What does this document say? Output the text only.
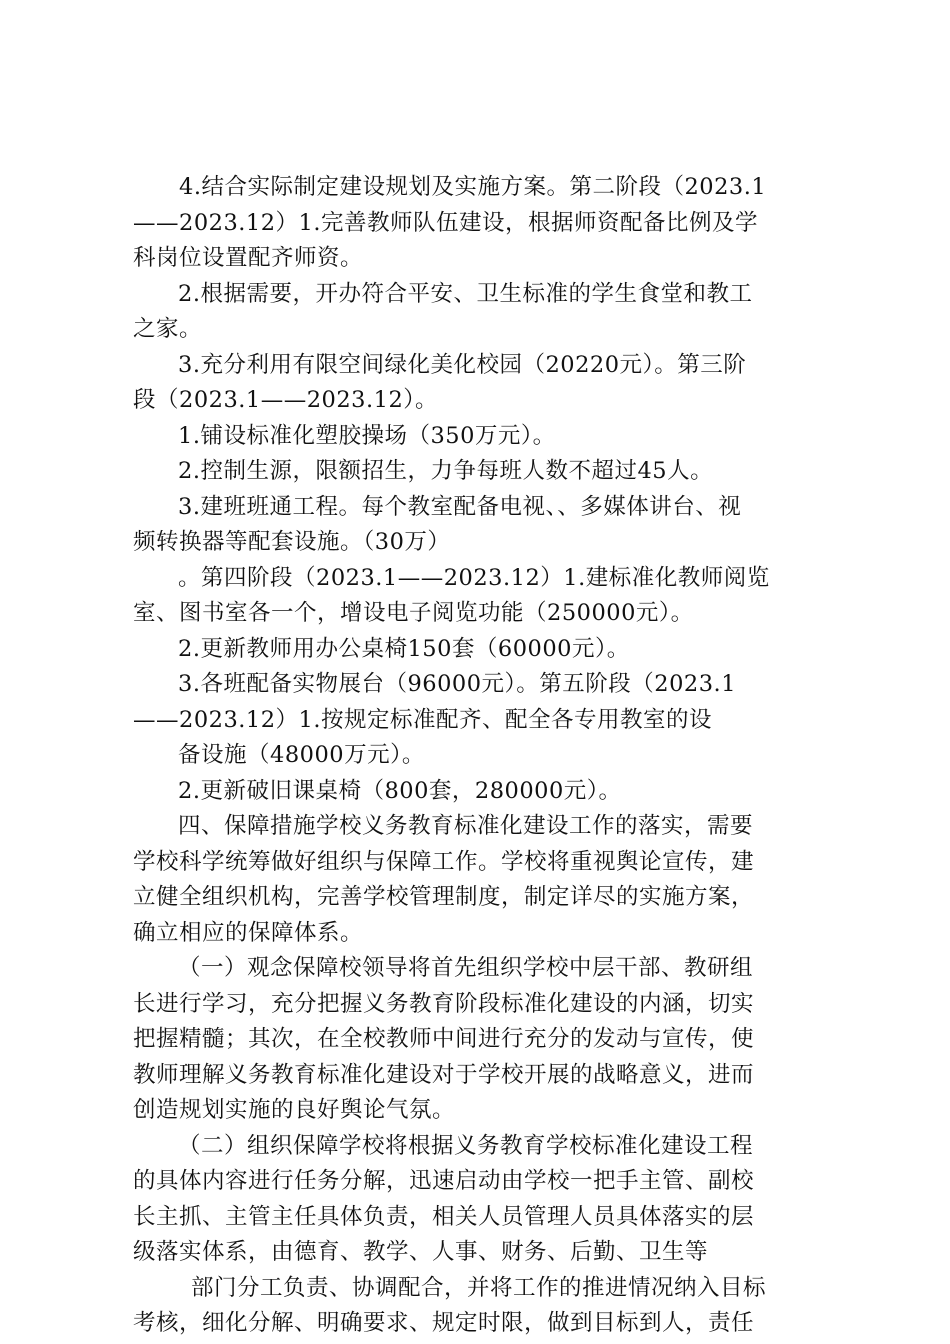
4.结合实际制定建设规划及实施方案。第二阶段（2023.1
——2023.12）1.完善教师队伍建设，根据师资配备比例及学
科岗位设置配齐师资。
2.根据需要，开办符合平安、卫生标准的学生食堂和教工
之家。
3.充分利用有限空间绿化美化校园（20220元）。第三阶
段（2023.1——2023.12）。
1.铺设标准化塑胶操场（350万元）。
2.控制生源，限额招生，力争每班人数不超过45人。
3.建班班通工程。每个教室配备电视、、多媒体讲台、视
频转换器等配套设施。（30万）
。第四阶段（2023.1——2023.12）1.建标准化教师阅览
室、图书室各一个，增设电子阅览功能（250000元）。
2.更新教师用办公桌椅150套（60000元）。
3.各班配备实物展台（96000元）。第五阶段（2023.1
——2023.12）1.按规定标准配齐、配全各专用教室的设
备设施（48000万元）。
2.更新破旧课桌椅（800套，280000元）。
四、保障措施学校义务教育标准化建设工作的落实，需要
学校科学统筹做好组织与保障工作。学校将重视舆论宣传，建
立健全组织机构，完善学校管理制度，制定详尽的实施方案，
确立相应的保障体系。
（一）观念保障校领导将首先组织学校中层干部、教研组
长进行学习，充分把握义务教育阶段标准化建设的内涵，切实
把握精髓；其次，在全校教师中间进行充分的发动与宣传，使
教师理解义务教育标准化建设对于学校开展的战略意义，进而
创造规划实施的良好舆论气氛。
（二）组织保障学校将根据义务教育学校标准化建设工程
的具体内容进行任务分解，迅速启动由学校一把手主管、副校
长主抓、主管主任具体负责，相关人员管理人员具体落实的层
级落实体系，由德育、教学、人事、财务、后勤、卫生等
部门分工负责、协调配合，并将工作的推进情况纳入目标
考核，细化分解、明确要求、规定时限，做到目标到人，责任
